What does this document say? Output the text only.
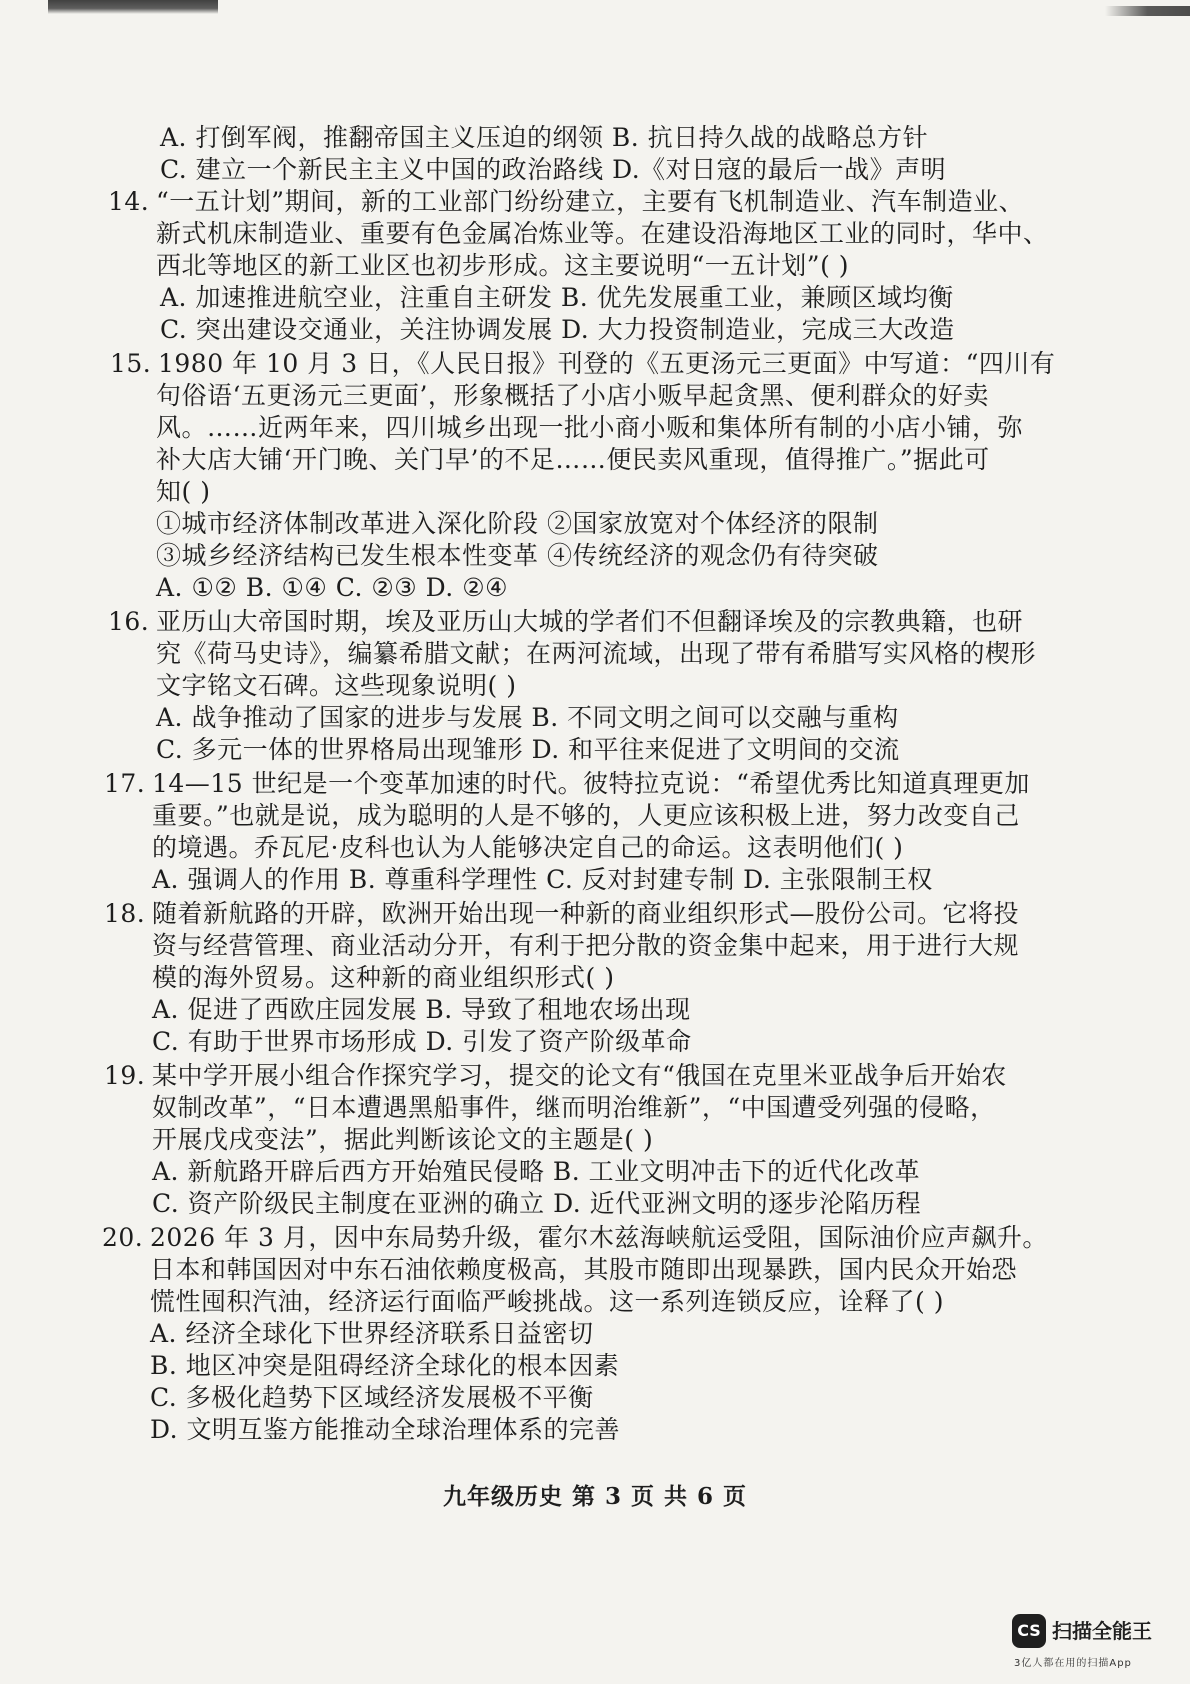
A. 打倒军阀，推翻帝国主义压迫的纲领 B. 抗日持久战的战略总方针
C. 建立一个新民主主义中国的政治路线 D.《对日寇的最后一战》声明
14. “一五计划”期间，新的工业部门纷纷建立，主要有飞机制造业、汽车制造业、
新式机床制造业、重要有色金属冶炼业等。在建设沿海地区工业的同时，华中、
西北等地区的新工业区也初步形成。这主要说明“一五计划”( )
A. 加速推进航空业，注重自主研发 B. 优先发展重工业，兼顾区域均衡
C. 突出建设交通业，关注协调发展 D. 大力投资制造业，完成三大改造
15. 1980 年 10 月 3 日，《人民日报》刊登的《五更汤元三更面》中写道：“四川有
句俗语‘五更汤元三更面’，形象概括了小店小贩早起贪黑、便利群众的好卖
风。……近两年来，四川城乡出现一批小商小贩和集体所有制的小店小铺，弥
补大店大铺‘开门晚、关门早’的不足……便民卖风重现，值得推广。”据此可
知( )
①城市经济体制改革进入深化阶段 ②国家放宽对个体经济的限制
③城乡经济结构已发生根本性变革 ④传统经济的观念仍有待突破
A. ①② B. ①④ C. ②③ D. ②④
16. 亚历山大帝国时期，埃及亚历山大城的学者们不但翻译埃及的宗教典籍，也研
究《荷马史诗》，编纂希腊文献；在两河流域，出现了带有希腊写实风格的楔形
文字铭文石碑。这些现象说明( )
A. 战争推动了国家的进步与发展 B. 不同文明之间可以交融与重构
C. 多元一体的世界格局出现雏形 D. 和平往来促进了文明间的交流
17. 14—15 世纪是一个变革加速的时代。彼特拉克说：“希望优秀比知道真理更加
重要。”也就是说，成为聪明的人是不够的，人更应该积极上进，努力改变自己
的境遇。乔瓦尼·皮科也认为人能够决定自己的命运。这表明他们( )
A. 强调人的作用 B. 尊重科学理性 C. 反对封建专制 D. 主张限制王权
18. 随着新航路的开辟，欧洲开始出现一种新的商业组织形式—股份公司。它将投
资与经营管理、商业活动分开，有利于把分散的资金集中起来，用于进行大规
模的海外贸易。这种新的商业组织形式( )
A. 促进了西欧庄园发展 B. 导致了租地农场出现
C. 有助于世界市场形成 D. 引发了资产阶级革命
19. 某中学开展小组合作探究学习，提交的论文有“俄国在克里米亚战争后开始农
奴制改革”，“日本遭遇黑船事件，继而明治维新”，“中国遭受列强的侵略，
开展戊戌变法”，据此判断该论文的主题是( )
A. 新航路开辟后西方开始殖民侵略 B. 工业文明冲击下的近代化改革
C. 资产阶级民主制度在亚洲的确立 D. 近代亚洲文明的逐步沦陷历程
20. 2026 年 3 月，因中东局势升级，霍尔木兹海峡航运受阻，国际油价应声飙升。
日本和韩国因对中东石油依赖度极高，其股市随即出现暴跌，国内民众开始恐
慌性囤积汽油，经济运行面临严峻挑战。这一系列连锁反应，诠释了( )
A. 经济全球化下世界经济联系日益密切
B. 地区冲突是阻碍经济全球化的根本因素
C. 多极化趋势下区域经济发展极不平衡
D. 文明互鉴方能推动全球治理体系的完善
九年级历史 第 3 页 共 6 页
CS 扫描全能王
3亿人都在用的扫描App
